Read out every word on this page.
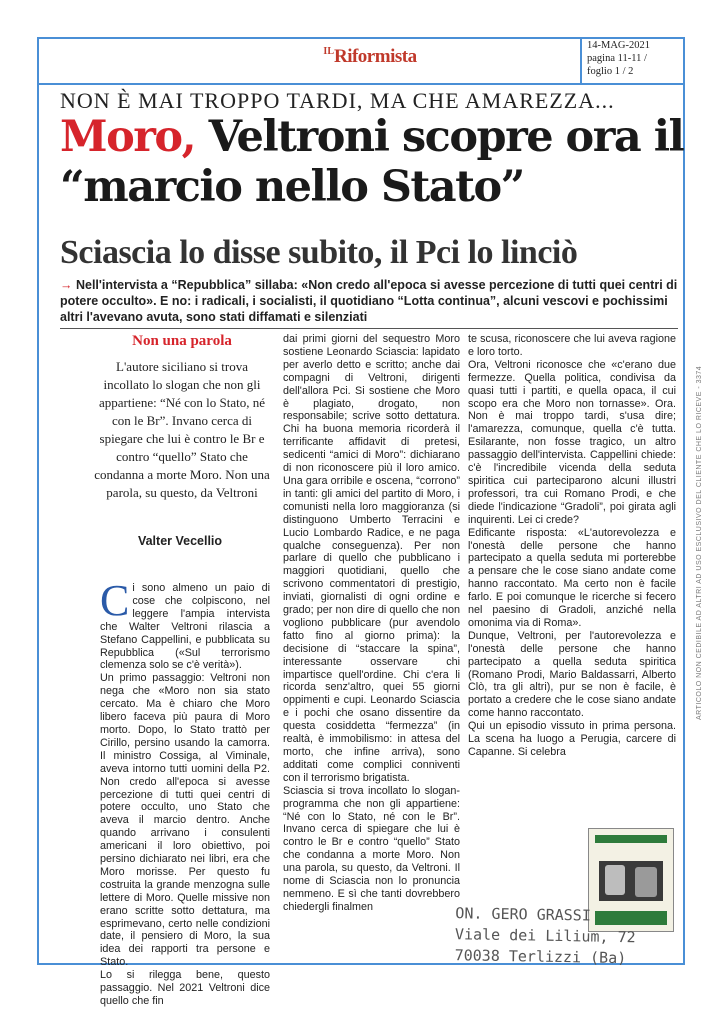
$^{IL}$Riformista
14-MAG-2021
pagina 11-11 /
foglio 1 / 2
NON È MAI TROPPO TARDI, MA CHE AMAREZZA...
Moro, Veltroni scopre ora il “marcio nello Stato”
Sciascia lo disse subito, il Pci lo linciò
→ Nell'intervista a “Repubblica” sillaba: «Non credo all'epoca si avesse percezione di tutti quei centri di potere occulto». E no: i radicali, i socialisti, il quotidiano “Lotta continua”, alcuni vescovi e pochissimi altri l'avevano avuta, sono stati diffamati e silenziati
Non una parola
L'autore siciliano si trova incollato lo slogan che non gli appartiene: “Né con lo Stato, né con le Br”. Invano cerca di spiegare che lui è contro le Br e contro “quello” Stato che condanna a morte Moro. Non una parola, su questo, da Veltroni
Valter Vecellio

Ci sono almeno un paio di cose che colpiscono, nel leggere l'ampia intervista che Walter Veltroni rilascia a Stefano Cappellini, e pubblicata su Repubblica («Sul terrorismo clemenza solo se c'è verità»).

Un primo passaggio: Veltroni non nega che «Moro non sia stato cercato. Ma è chiaro che Moro libero faceva più paura di Moro morto. Dopo, lo Stato trattò per Cirillo, persino usando la camorra. Il ministro Cossiga, al Viminale, aveva intorno tutti uomini della P2. Non credo all'epoca si avesse percezione di tutti quei centri di potere occulto, uno Stato che aveva il marcio dentro. Anche quando arrivano i consulenti americani il loro obiettivo, poi persino dichiarato nei libri, era che Moro morisse. Per questo fu costruita la grande menzogna sulle lettere di Moro. Quelle missive non erano scritte sotto dettatura, ma esprimevano, certo nelle condizioni date, il pensiero di Moro, la sua idea dei rapporti tra persone e Stato.

Lo si rilegga bene, questo passaggio. Nel 2021 Veltroni dice quello che fin

dai primi giorni del sequestro Moro sostiene Leonardo Sciascia: lapidato per averlo detto e scritto; anche dai compagni di Veltroni, dirigenti dell'allora Pci. Si sostiene che Moro è plagiato, drogato, non responsabile; scrive sotto dettatura. Chi ha buona memoria ricorderà il terrificante affidavit di pretesi, sedicenti “amici di Moro”: dichiarano di non riconoscere più il loro amico. Una gara orribile e oscena, “corrono” in tanti: gli amici del partito di Moro, i comunisti nella loro maggioranza (si distinguono Umberto Terracini e Lucio Lombardo Radice, e ne paga qualche conseguenza). Per non parlare di quello che pubblicano i maggiori quotidiani, quello che scrivono commentatori di prestigio, inviati, giornalisti di ogni ordine e grado; per non dire di quello che non vogliono pubblicare (pur avendolo fatto fino al giorno prima): la decisione di “staccare la spina”, interessante osservare chi impartisce quell'ordine. Chi c'era li ricorda senz'altro, quei 55 giorni oppimenti e cupi. Leonardo Sciascia e i pochi che osano dissentire da questa cosiddetta “fermezza” (in realtà, è immobilismo: in attesa del morto, che infine arriva), sono additati come complici conniventi con il terrorismo brigatista.

Sciascia si trova incollato lo slogan-programma che non gli appartiene: “Né con lo Stato, né con le Br”. Invano cerca di spiegare che lui è contro le Br e contro “quello” Stato che condanna a morte Moro. Non una parola, su questo, da Veltroni. Il nome di Sciascia non lo pronuncia nemmeno. E sì che tanti dovrebbero chiedergli finalmen

te scusa, riconoscere che lui aveva ragione e loro torto.

Ora, Veltroni riconosce che «c'erano due fermezze. Quella politica, condivisa da quasi tutti i partiti, e quella opaca, il cui scopo era che Moro non tornasse». Ora. Non è mai troppo tardi, s'usa dire; l'amarezza, comunque, quella c'è tutta. Esilarante, non fosse tragico, un altro passaggio dell'intervista. Cappellini chiede: c'è l'incredibile vicenda della seduta spiritica cui parteciparono alcuni illustri professori, tra cui Romano Prodi, e che diede l'indicazione “Gradoli”, poi girata agli inquirenti. Lei ci crede?

Edificante risposta: «L'autorevolezza e l'onestà delle persone che hanno partecipato a quella seduta mi porterebbe a pensare che le cose siano andate come hanno raccontato. Ma certo non è facile farlo. E poi comunque le ricerche si fecero nel paesino di Gradoli, anziché nella omonima via di Roma».

Dunque, Veltroni, per l'autorevolezza e l'onestà delle persone che hanno partecipato a quella seduta spiritica (Romano Prodi, Mario Baldassarri, Alberto Clò, tra gli altri), pur se non è facile, è portato a credere che le cose siano andate come hanno raccontato.

Qui un episodio vissuto in prima persona. La scena ha luogo a Perugia, carcere di Capanne. Si celebra

ARTICOLO NON CEDIBILE AD ALTRI AD USO ESCLUSIVO DEL CLIENTE CHE LO RICEVE - 3374
ON. GERO GRASSI
Viale dei Lilium, 72
70038 Terlizzi (Ba)
